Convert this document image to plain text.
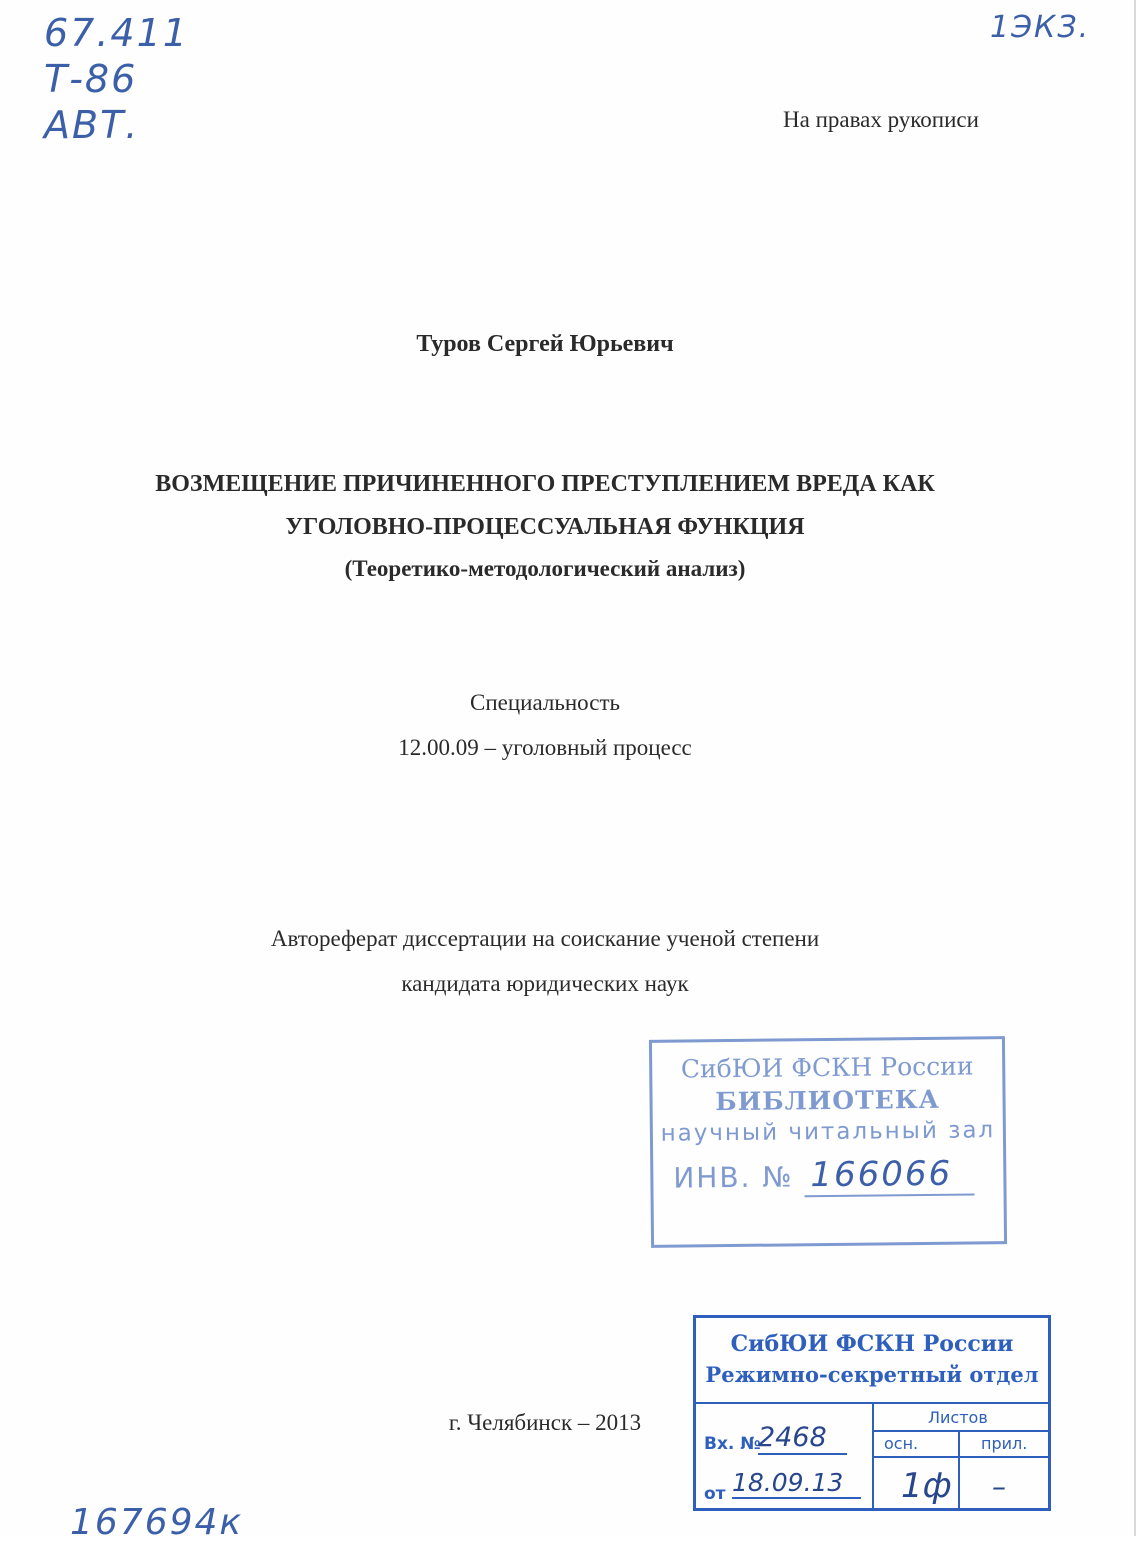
67.411
Т-86
АВТ.
1ЭКЗ.
На правах рукописи
Туров Сергей Юрьевич
ВОЗМЕЩЕНИЕ ПРИЧИНЕННОГО ПРЕСТУПЛЕНИЕМ ВРЕДА КАК
УГОЛОВНО-ПРОЦЕССУАЛЬНАЯ ФУНКЦИЯ
(Теоретико-методологический анализ)
Специальность
12.00.09 – уголовный процесс
Автореферат диссертации на соискание ученой степени
кандидата юридических наук
СибЮИ ФСКН России
БИБЛИОТЕКА
научный читальный зал
ИНВ. № 166066
г. Челябинск – 2013
СибЮИ ФСКН России
Режимно-секретный отдел
Листов
осн.	прил.
Вх. №
от
2468
18.09.13	1ф –
167694к
